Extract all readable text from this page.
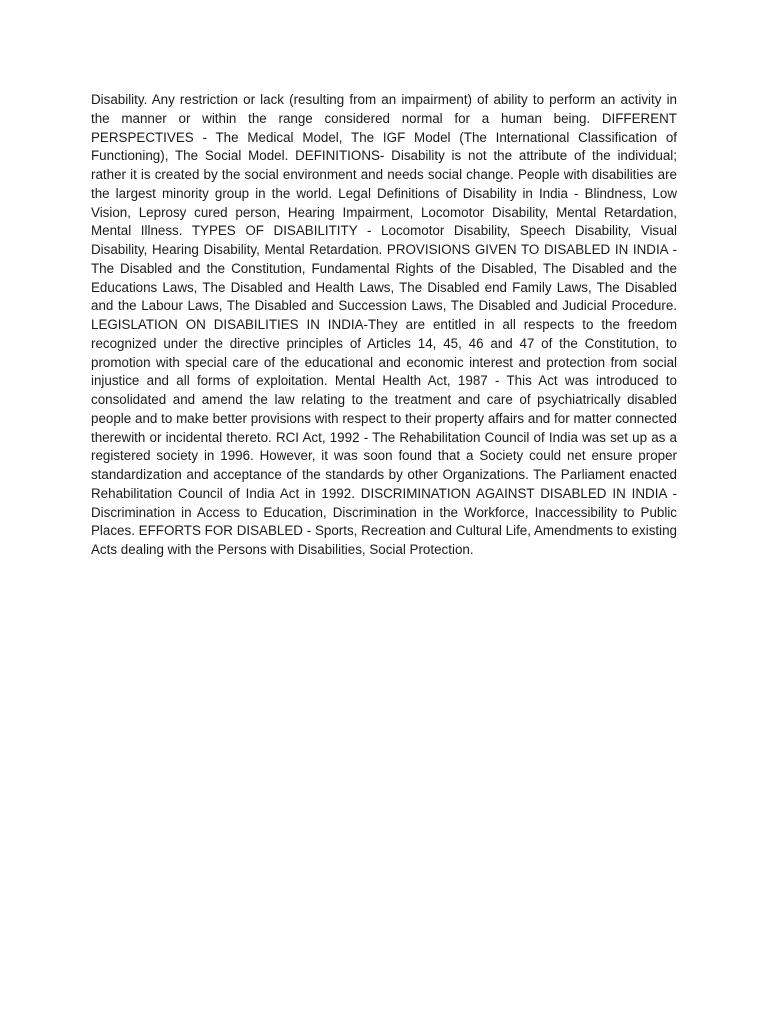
Disability. Any restriction or lack (resulting from an impairment) of ability to perform an activity in the manner or within the range considered normal for a human being. DIFFERENT PERSPECTIVES - The Medical Model, The IGF Model (The International Classification of Functioning), The Social Model. DEFINITIONS- Disability is not the attribute of the individual; rather it is created by the social environment and needs social change. People with disabilities are the largest minority group in the world. Legal Definitions of Disability in India - Blindness, Low Vision, Leprosy cured person, Hearing Impairment, Locomotor Disability, Mental Retardation, Mental Illness. TYPES OF DISABILITITY - Locomotor Disability, Speech Disability, Visual Disability, Hearing Disability, Mental Retardation. PROVISIONS GIVEN TO DISABLED IN INDIA -The Disabled and the Constitution, Fundamental Rights of the Disabled, The Disabled and the Educations Laws, The Disabled and Health Laws, The Disabled end Family Laws, The Disabled and the Labour Laws, The Disabled and Succession Laws, The Disabled and Judicial Procedure. LEGISLATION ON DISABILITIES IN INDIA-They are entitled in all respects to the freedom recognized under the directive principles of Articles 14, 45, 46 and 47 of the Constitution, to promotion with special care of the educational and economic interest and protection from social injustice and all forms of exploitation. Mental Health Act, 1987 - This Act was introduced to consolidated and amend the law relating to the treatment and care of psychiatrically disabled people and to make better provisions with respect to their property affairs and for matter connected therewith or incidental thereto. RCI Act, 1992 - The Rehabilitation Council of India was set up as a registered society in 1996. However, it was soon found that a Society could net ensure proper standardization and acceptance of the standards by other Organizations. The Parliament enacted Rehabilitation Council of India Act in 1992. DISCRIMINATION AGAINST DISABLED IN INDIA - Discrimination in Access to Education, Discrimination in the Workforce, Inaccessibility to Public Places. EFFORTS FOR DISABLED - Sports, Recreation and Cultural Life, Amendments to existing Acts dealing with the Persons with Disabilities, Social Protection.
